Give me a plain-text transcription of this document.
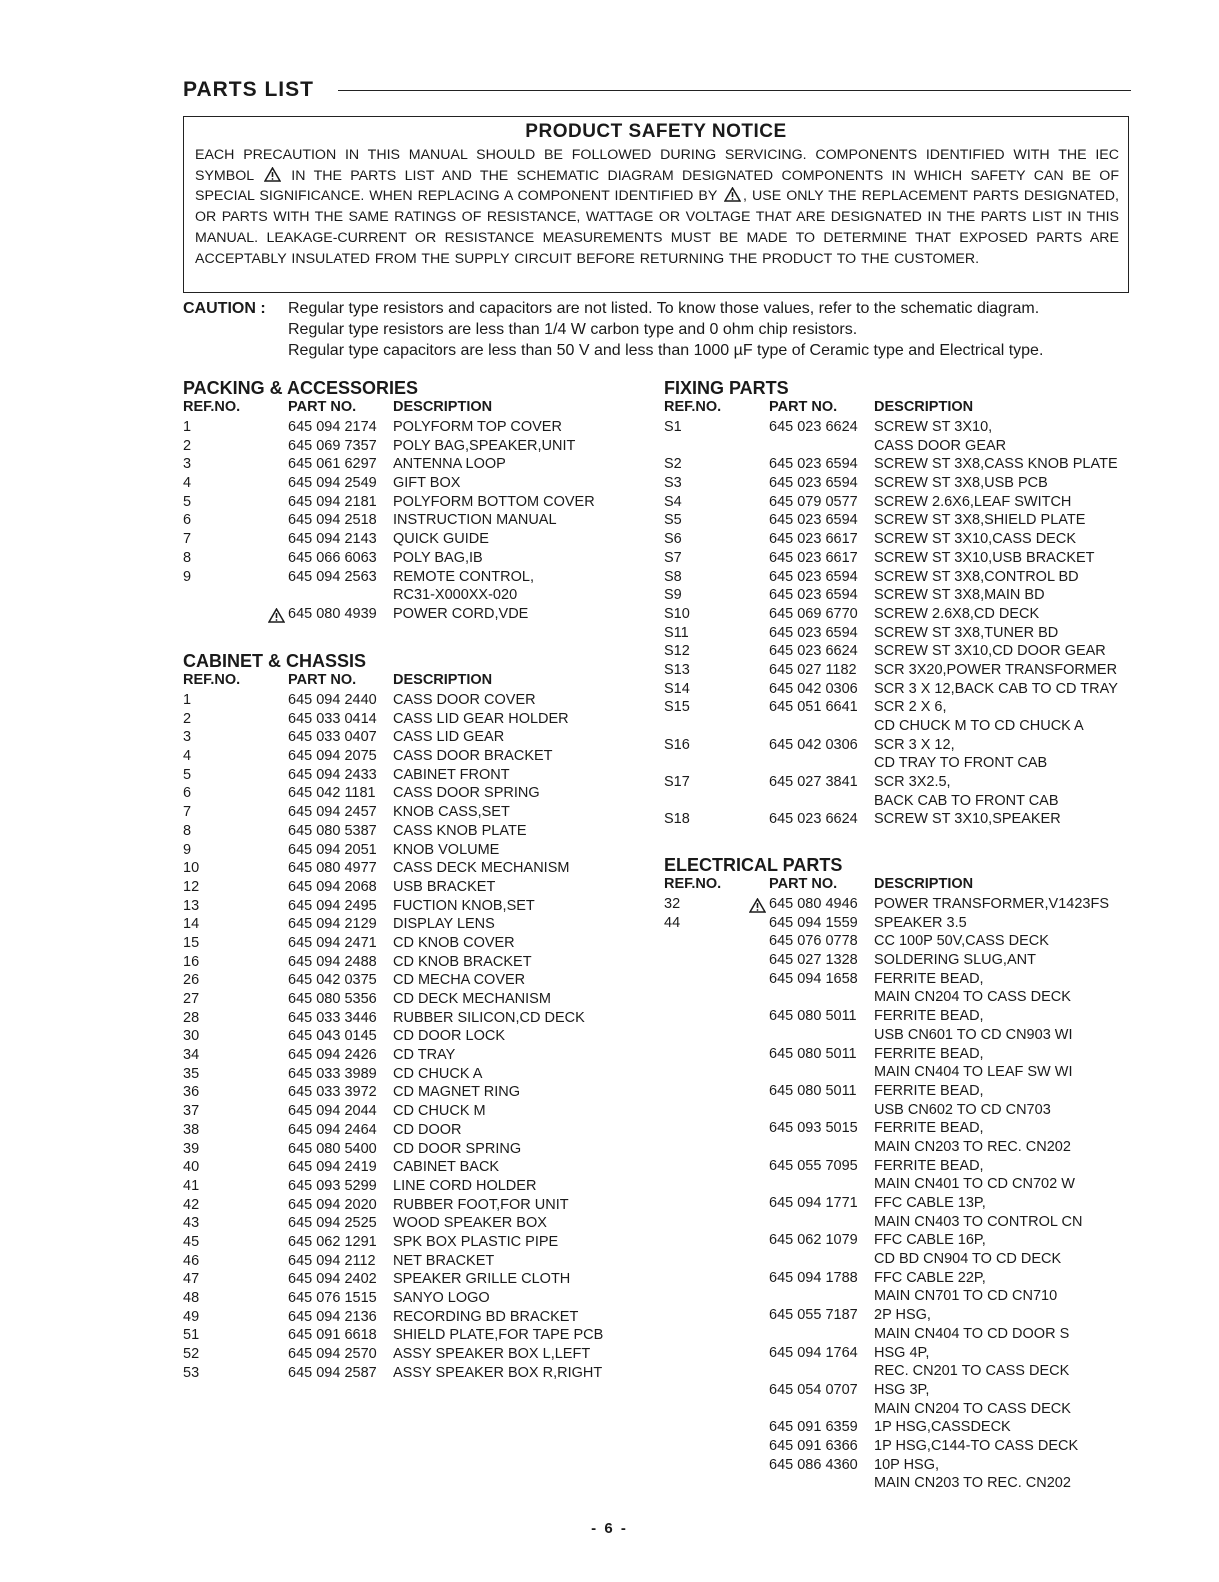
PARTS LIST
PRODUCT SAFETY NOTICE
EACH PRECAUTION IN THIS MANUAL SHOULD BE FOLLOWED DURING SERVICING. COMPONENTS IDENTIFIED WITH THE IEC SYMBOL	IN THE PARTS LIST AND THE SCHEMATIC DIAGRAM DESIGNATED COMPONENTS IN WHICH SAFETY CAN BE OF SPECIAL SIGNIFICANCE. WHEN REPLACING A COMPONENT IDENTIFIED BY , USE ONLY THE REPLACEMENT PARTS DESIGNATED, OR PARTS WITH THE SAME RATINGS OF RESISTANCE, WATTAGE OR VOLTAGE THAT ARE DESIGNATED IN THE PARTS LIST IN THIS MANUAL. LEAKAGE-CURRENT OR RESISTANCE MEASUREMENTS MUST BE MADE TO DETERMINE THAT EXPOSED PARTS ARE ACCEPTABLY INSULATED FROM THE SUPPLY CIRCUIT BEFORE RETURNING THE PRODUCT TO THE CUSTOMER.
CAUTION : Regular type resistors and capacitors are not listed. To know those values, refer to the schematic diagram.
Regular type resistors are less than 1/4 W carbon type and 0 ohm chip resistors.
Regular type capacitors are less than 50 V and less than 1000 µF type of Ceramic type and Electrical type.
PACKING & ACCESSORIES
REF.NO.	PART NO.	DESCRIPTION
1	645 094 2174 POLYFORM TOP COVER
2	645 069 7357 POLY BAG,SPEAKER,UNIT
3	645 061 6297 ANTENNA LOOP
4	645 094 2549 GIFT BOX
5	645 094 2181 POLYFORM BOTTOM COVER
6	645 094 2518 INSTRUCTION MANUAL
7	645 094 2143 QUICK GUIDE
8	645 066 6063 POLY BAG,IB
9	645 094 2563 REMOTE CONTROL,
RC31-X000XX-020
645 080 4939 POWER CORD,VDE
CABINET & CHASSIS
REF.NO.	PART NO.	DESCRIPTION
1	645 094 2440 CASS DOOR COVER
2	645 033 0414 CASS LID GEAR HOLDER
3	645 033 0407 CASS LID GEAR
4	645 094 2075 CASS DOOR BRACKET
5	645 094 2433 CABINET FRONT
6	645 042 1181 CASS DOOR SPRING
7	645 094 2457 KNOB CASS,SET
8	645 080 5387 CASS KNOB PLATE
9	645 094 2051 KNOB VOLUME
10	645 080 4977 CASS DECK MECHANISM
12	645 094 2068 USB BRACKET
13	645 094 2495 FUCTION KNOB,SET
14	645 094 2129 DISPLAY LENS
15	645 094 2471 CD KNOB COVER
16	645 094 2488 CD KNOB BRACKET
26	645 042 0375 CD MECHA COVER
27	645 080 5356 CD DECK MECHANISM
28	645 033 3446 RUBBER SILICON,CD DECK
30	645 043 0145 CD DOOR LOCK
34	645 094 2426 CD TRAY
35	645 033 3989 CD CHUCK A
36	645 033 3972 CD MAGNET RING
37	645 094 2044 CD CHUCK M
38	645 094 2464 CD DOOR
39	645 080 5400 CD DOOR SPRING
40	645 094 2419 CABINET BACK
41	645 093 5299 LINE CORD HOLDER
42	645 094 2020 RUBBER FOOT,FOR UNIT
43	645 094 2525 WOOD SPEAKER BOX
45	645 062 1291 SPK BOX PLASTIC PIPE
46	645 094 2112 NET BRACKET
47	645 094 2402 SPEAKER GRILLE CLOTH
48	645 076 1515 SANYO LOGO
49	645 094 2136 RECORDING BD BRACKET
51	645 091 6618 SHIELD PLATE,FOR TAPE PCB
52	645 094 2570 ASSY SPEAKER BOX L,LEFT
53	645 094 2587 ASSY SPEAKER BOX R,RIGHT
FIXING PARTS
REF.NO.	PART NO.	DESCRIPTION
S1	645 023 6624 SCREW ST 3X10,
CASS DOOR GEAR
S2	645 023 6594 SCREW ST 3X8,CASS KNOB PLATE
S3	645 023 6594 SCREW ST 3X8,USB PCB
S4	645 079 0577 SCREW 2.6X6,LEAF SWITCH
S5	645 023 6594 SCREW ST 3X8,SHIELD PLATE
S6	645 023 6617 SCREW ST 3X10,CASS DECK
S7	645 023 6617 SCREW ST 3X10,USB BRACKET
S8	645 023 6594 SCREW ST 3X8,CONTROL BD
S9	645 023 6594 SCREW ST 3X8,MAIN BD
S10	645 069 6770 SCREW 2.6X8,CD DECK
S11	645 023 6594 SCREW ST 3X8,TUNER BD
S12	645 023 6624 SCREW ST 3X10,CD DOOR GEAR
S13	645 027 1182 SCR 3X20,POWER TRANSFORMER
S14	645 042 0306 SCR 3 X 12,BACK CAB TO CD TRAY
S15	645 051 6641 SCR 2 X 6,
CD CHUCK M TO CD CHUCK A
S16	645 042 0306 SCR 3 X 12,
CD TRAY TO FRONT CAB
S17	645 027 3841 SCR 3X2.5,
BACK CAB TO FRONT CAB
S18	645 023 6624 SCREW ST 3X10,SPEAKER
ELECTRICAL PARTS
REF.NO.	PART NO.	DESCRIPTION
32	645 080 4946 POWER TRANSFORMER,V1423FS
44	645 094 1559 SPEAKER 3.5
645 076 0778 CC 100P 50V,CASS DECK
645 027 1328 SOLDERING SLUG,ANT
645 094 1658 FERRITE BEAD,
MAIN CN204 TO CASS DECK
645 080 5011 FERRITE BEAD,
USB CN601 TO CD CN903 WI
645 080 5011 FERRITE BEAD,
MAIN CN404 TO LEAF SW WI
645 080 5011 FERRITE BEAD,
USB CN602 TO CD CN703
645 093 5015 FERRITE BEAD,
MAIN CN203 TO REC. CN202
645 055 7095 FERRITE BEAD,
MAIN CN401 TO CD CN702 W
645 094 1771 FFC CABLE 13P,
MAIN CN403 TO CONTROL CN
645 062 1079 FFC CABLE 16P,
CD BD CN904 TO CD DECK
645 094 1788 FFC CABLE 22P,
MAIN CN701 TO CD CN710
645 055 7187 2P HSG,
MAIN CN404 TO CD DOOR S
645 094 1764 HSG 4P,
REC. CN201 TO CASS DECK
645 054 0707 HSG 3P,
MAIN CN204 TO CASS DECK
645 091 6359 1P HSG,CASSDECK
645 091 6366 1P HSG,C144-TO CASS DECK
645 086 4360 10P HSG,
MAIN CN203 TO REC. CN202
- 6 -
